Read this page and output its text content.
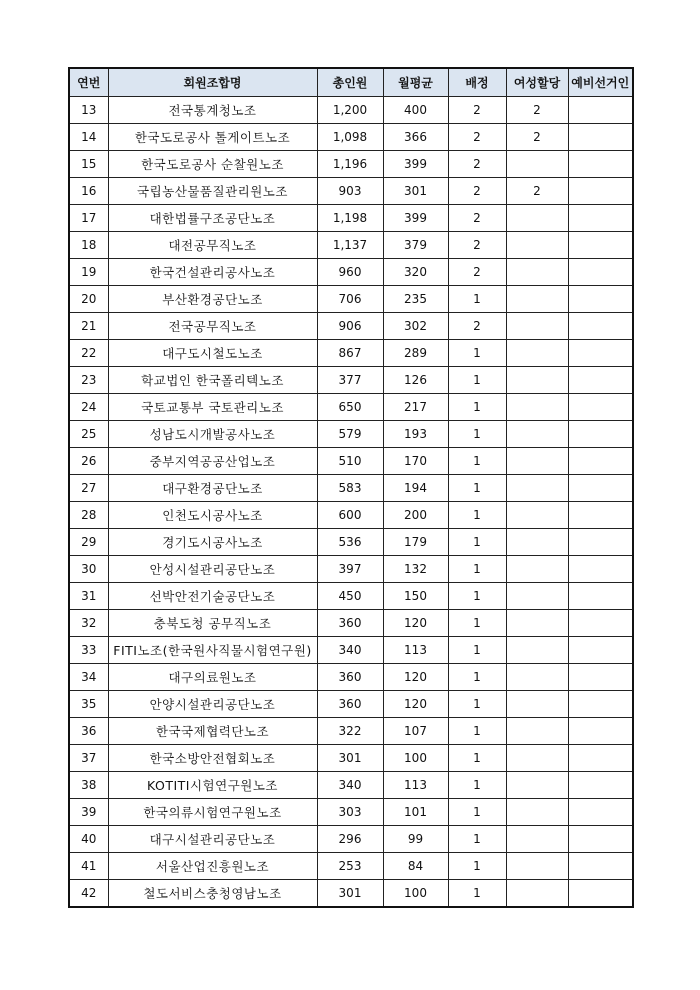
연번	회원조합명	총인원	월평균	배정	여성할당	예비선거인
13	전국통계청노조	1,200	400	2	2	
14	한국도로공사 톨게이트노조	1,098	366	2	2	
15	한국도로공사 순찰원노조	1,196	399	2		
16	국립농산물품질관리원노조	903	301	2	2	
17	대한법률구조공단노조	1,198	399	2		
18	대전공무직노조	1,137	379	2		
19	한국건설관리공사노조	960	320	2		
20	부산환경공단노조	706	235	1		
21	전국공무직노조	906	302	2		
22	대구도시철도노조	867	289	1		
23	학교법인 한국폴리텍노조	377	126	1		
24	국토교통부 국토관리노조	650	217	1		
25	성남도시개발공사노조	579	193	1		
26	중부지역공공산업노조	510	170	1		
27	대구환경공단노조	583	194	1		
28	인천도시공사노조	600	200	1		
29	경기도시공사노조	536	179	1		
30	안성시설관리공단노조	397	132	1		
31	선박안전기술공단노조	450	150	1		
32	충북도청 공무직노조	360	120	1		
33	FITI노조(한국원사직물시험연구원)	340	113	1		
34	대구의료원노조	360	120	1		
35	안양시설관리공단노조	360	120	1		
36	한국국제협력단노조	322	107	1		
37	한국소방안전협회노조	301	100	1		
38	KOTITI시험연구원노조	340	113	1		
39	한국의류시험연구원노조	303	101	1		
40	대구시설관리공단노조	296	99	1		
41	서울산업진흥원노조	253	84	1		
42	철도서비스충청영남노조	301	100	1		
